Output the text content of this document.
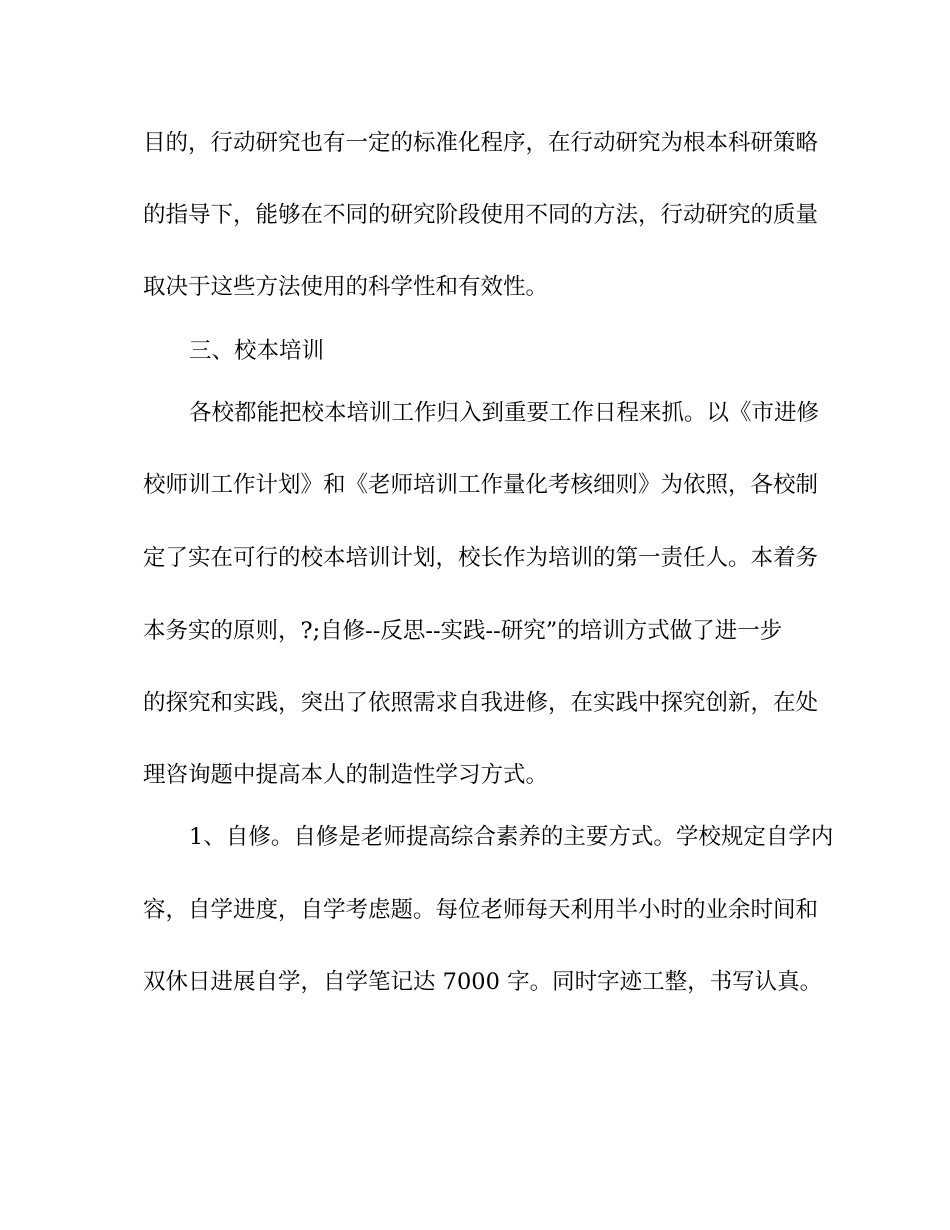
目的，行动研究也有一定的标准化程序，在行动研究为根本科研策略

的指导下，能够在不同的研究阶段使用不同的方法，行动研究的质量

取决于这些方法使用的科学性和有效性。

三、校本培训

各校都能把校本培训工作归入到重要工作日程来抓。以《市进修

校师训工作计划》和《老师培训工作量化考核细则》为依照，各校制

定了实在可行的校本培训计划，校长作为培训的第一责任人。本着务

本务实的原则，?;自修--反思--实践--研究”的培训方式做了进一步

的探究和实践，突出了依照需求自我进修，在实践中探究创新，在处

理咨询题中提高本人的制造性学习方式。

1、自修。自修是老师提高综合素养的主要方式。学校规定自学内

容，自学进度，自学考虑题。每位老师每天利用半小时的业余时间和

双休日进展自学，自学笔记达 7000 字。同时字迹工整，书写认真。
